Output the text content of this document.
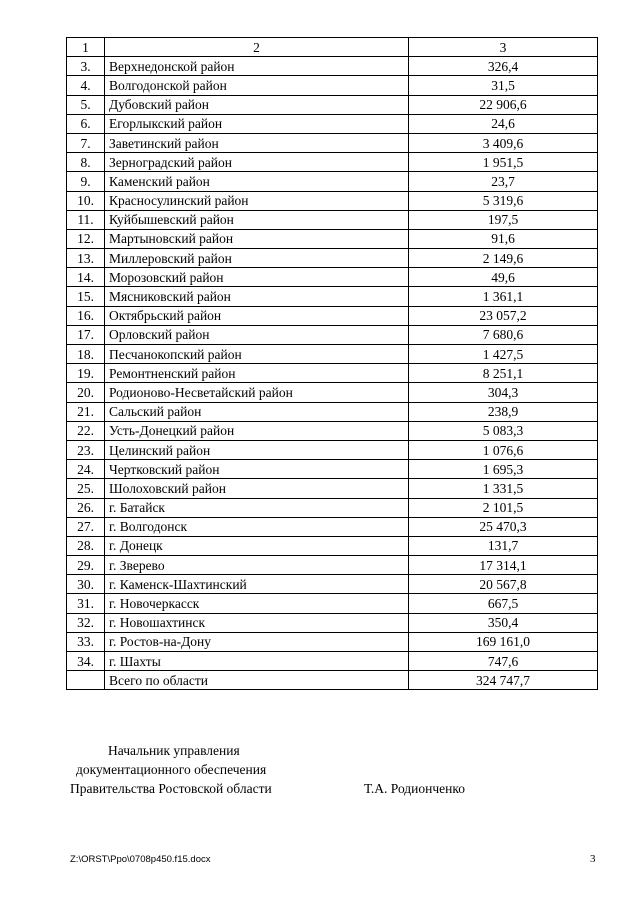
1	2	3
3.	Верхнедонской район	326,4
4.	Волгодонской район	31,5
5.	Дубовский район	22 906,6
6.	Егорлыкский район	24,6
7.	Заветинский район	3 409,6
8.	Зерноградский район	1 951,5
9.	Каменский район	23,7
10.	Красносулинский район	5 319,6
11.	Куйбышевский район	197,5
12.	Мартыновский район	91,6
13.	Миллеровский район	2 149,6
14.	Морозовский район	49,6
15.	Мясниковский район	1 361,1
16.	Октябрьский район	23 057,2
17.	Орловский район	7 680,6
18.	Песчанокопский район	1 427,5
19.	Ремонтненский район	8 251,1
20.	Родионово-Несветайский район	304,3
21.	Сальский район	238,9
22.	Усть-Донецкий район	5 083,3
23.	Целинский район	1 076,6
24.	Чертковский район	1 695,3
25.	Шолоховский район	1 331,5
26.	г. Батайск	2 101,5
27.	г. Волгодонск	25 470,3
28.	г. Донецк	131,7
29.	г. Зверево	17 314,1
30.	г. Каменск-Шахтинский	20 567,8
31.	г. Новочеркасск	667,5
32.	г. Новошахтинск	350,4
33.	г. Ростов-на-Дону	169 161,0
34.	г. Шахты	747,6
	Всего по области	324 747,7
Начальник управления
документационного обеспечения
Правительства Ростовской области	Т.А. Родионченко
Z:\ORST\Ppo\0708p450.f15.docx	3
